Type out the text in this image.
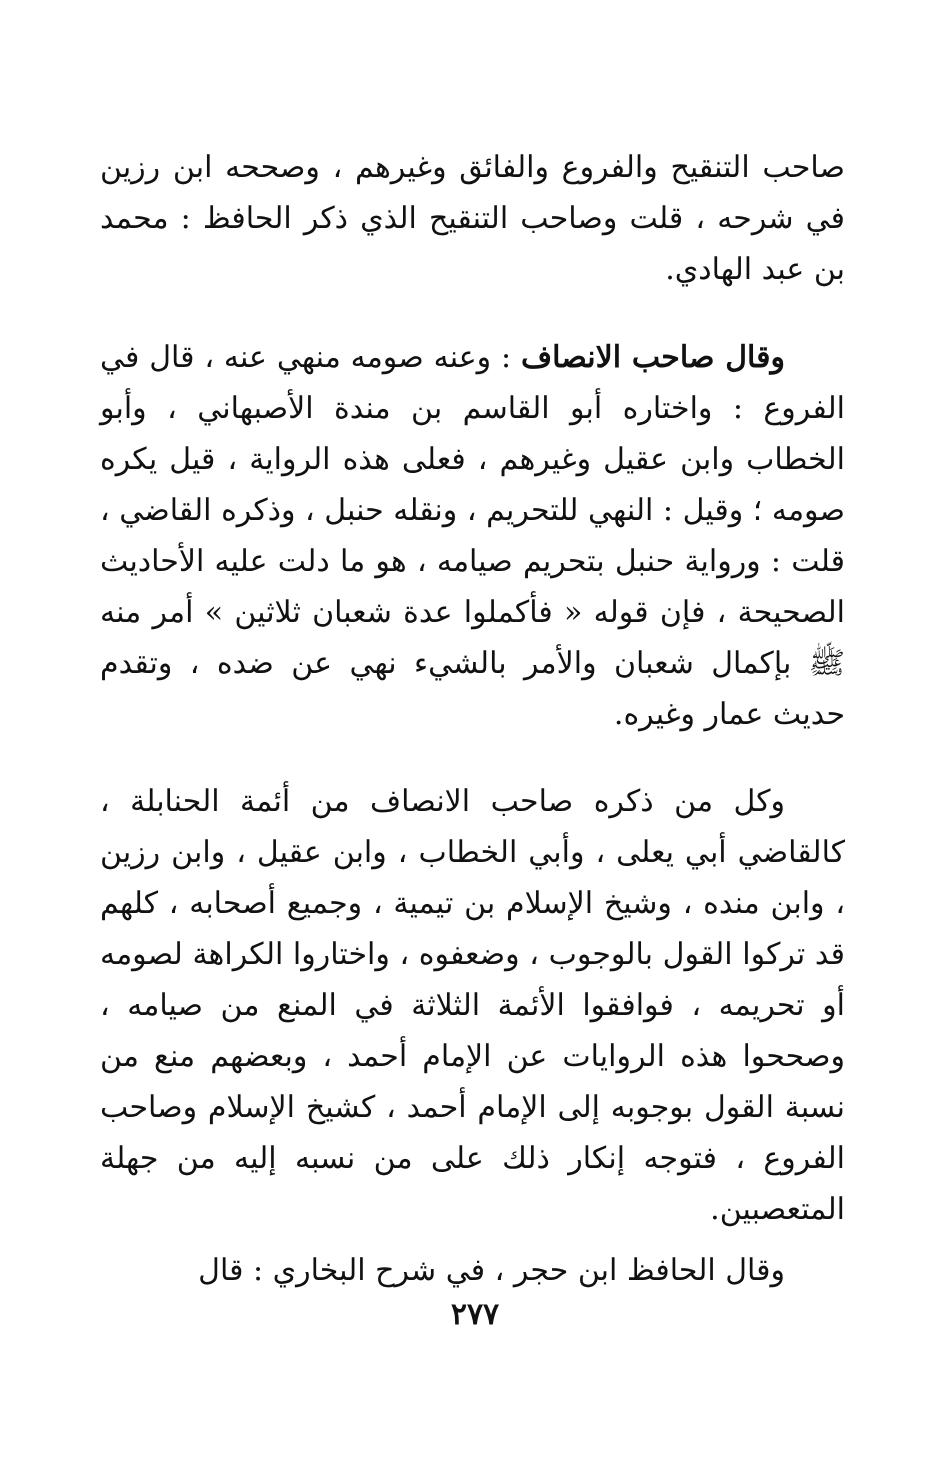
صاحب التنقيح والفروع والفائق وغيرهم ، وصححه ابن رزين في شرحه ، قلت وصاحب التنقيح الذي ذكر الحافظ : محمد بن عبد الهادي.

وقال صاحب الانصاف : وعنه صومه منهي عنه ، قال في الفروع : واختاره أبو القاسم بن مندة الأصبهاني ، وأبو الخطاب وابن عقيل وغيرهم ، فعلى هذه الرواية ، قيل يكره صومه ؛ وقيل : النهي للتحريم ، ونقله حنبل ، وذكره القاضي ، قلت : ورواية حنبل بتحريم صيامه ، هو ما دلت عليه الأحاديث الصحيحة ، فإن قوله « فأكملوا عدة شعبان ثلاثين » أمر منه ﷺ بإكمال شعبان والأمر بالشيء نهي عن ضده ، وتقدم حديث عمار وغيره.

وكل من ذكره صاحب الانصاف من أئمة الحنابلة ، كالقاضي أبي يعلى ، وأبي الخطاب ، وابن عقيل ، وابن رزين ، وابن منده ، وشيخ الإسلام بن تيمية ، وجميع أصحابه ، كلهم قد تركوا القول بالوجوب ، وضعفوه ، واختاروا الكراهة لصومه أو تحريمه ، فوافقوا الأئمة الثلاثة في المنع من صيامه ، وصححوا هذه الروايات عن الإمام أحمد ، وبعضهم منع من نسبة القول بوجوبه إلى الإمام أحمد ، كشيخ الإسلام وصاحب الفروع ، فتوجه إنكار ذلك على من نسبه إليه من جهلة المتعصبين.

وقال الحافظ ابن حجر ، في شرح البخاري : قال

٢٧٧
